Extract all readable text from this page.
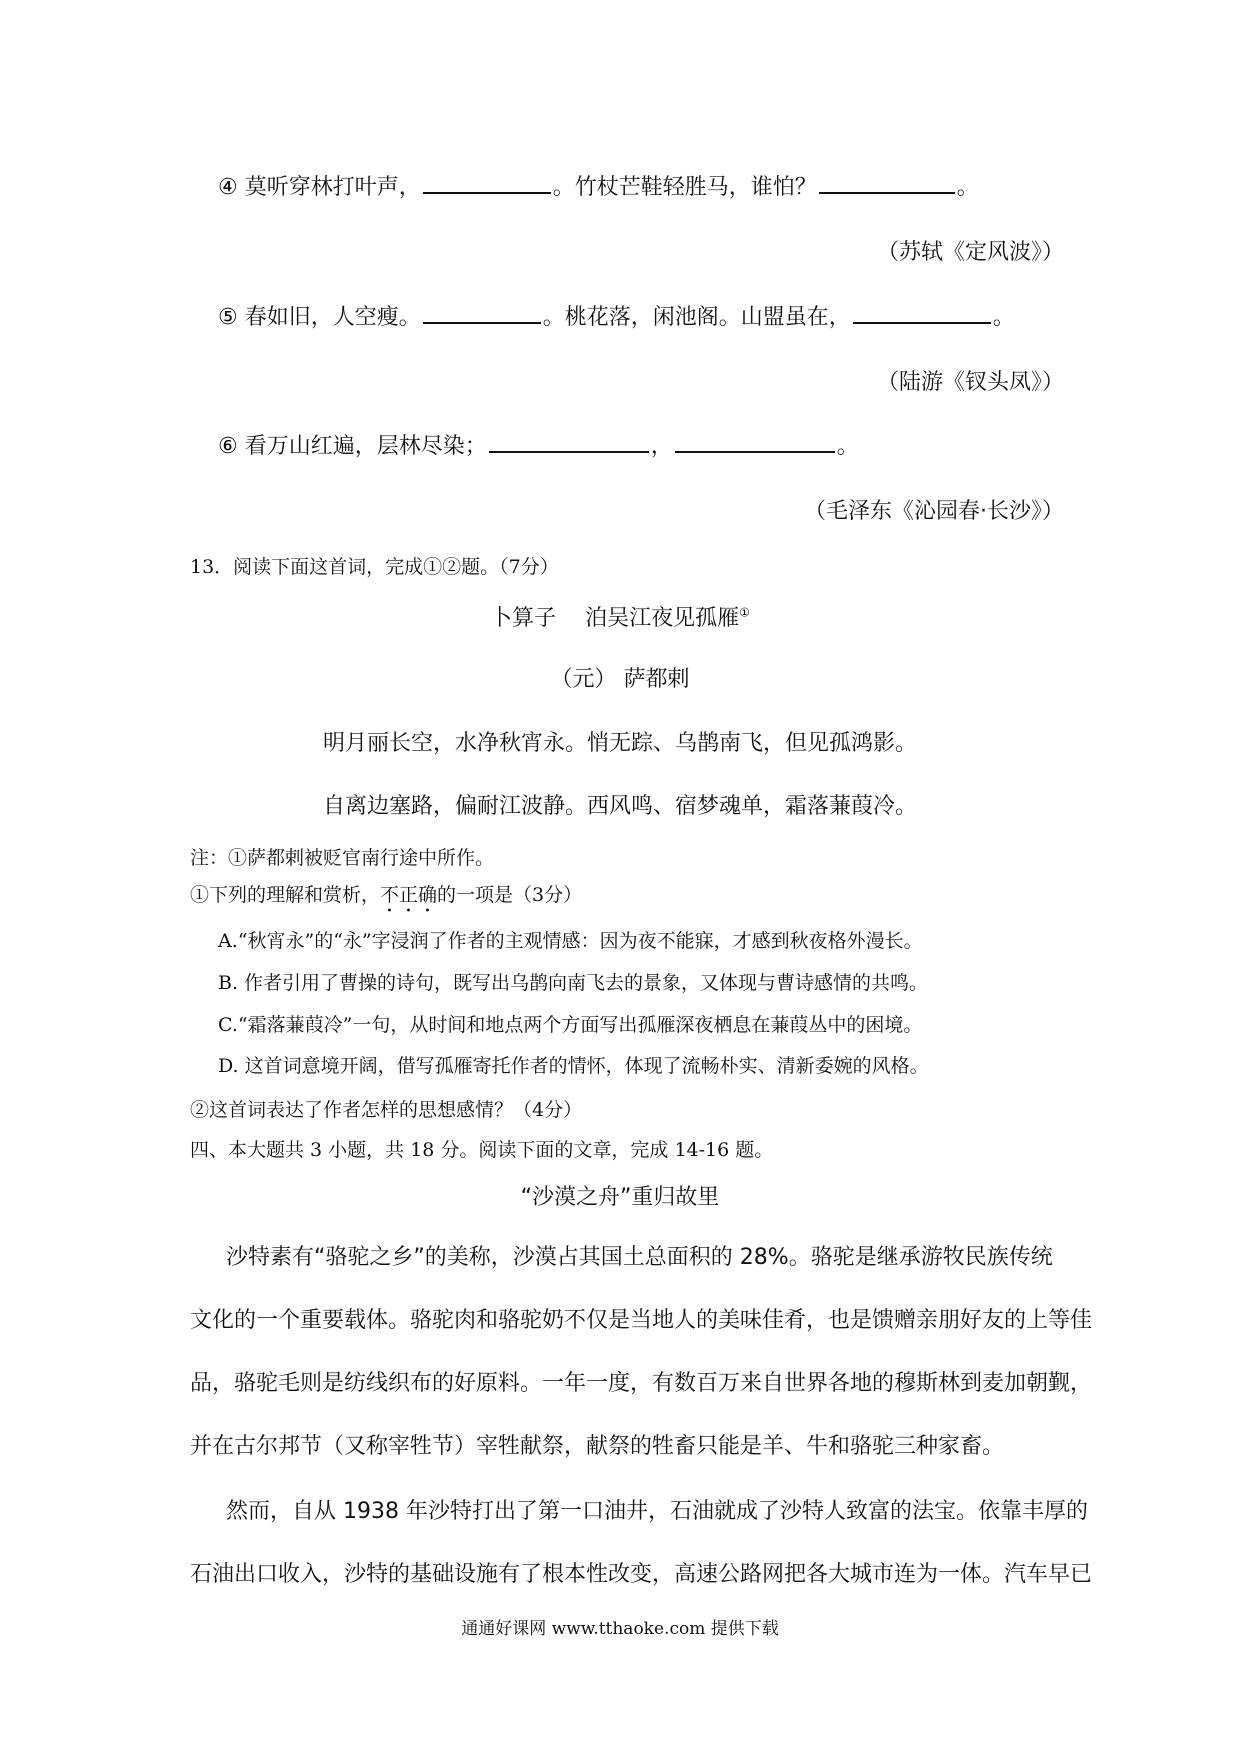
④ 莫听穿林打叶声，	。竹杖芒鞋轻胜马，谁怕？	。
（苏轼《定风波》）
⑤ 春如旧，人空瘦。	。桃花落，闲池阁。山盟虽在，	。
（陆游《钗头凤》）
⑥ 看万山红遍，层林尽染；	，	。
（毛泽东《沁园春·长沙》）
13．阅读下面这首词，完成①②题。（7分）
卜算子　 泊吴江夜见孤雁①
（元） 萨都剌
明月丽长空，水净秋宵永。悄无踪、乌鹊南飞，但见孤鸿影。
自离边塞路，偏耐江波静。西风鸣、宿梦魂单，霜落蒹葭冷。
注：①萨都剌被贬官南行途中所作。
①下列的理解和赏析，不正确的一项是（3分）
A.“秋宵永”的“永”字浸润了作者的主观情感：因为夜不能寐，才感到秋夜格外漫长。
B. 作者引用了曹操的诗句，既写出乌鹊向南飞去的景象，又体现与曹诗感情的共鸣。
C.“霜落蒹葭冷”一句，从时间和地点两个方面写出孤雁深夜栖息在蒹葭丛中的困境。
D. 这首词意境开阔，借写孤雁寄托作者的情怀，体现了流畅朴实、清新委婉的风格。
②这首词表达了作者怎样的思想感情？（4分）
四、本大题共 3 小题，共 18 分。阅读下面的文章，完成 14-16 题。
“沙漠之舟”重归故里
沙特素有“骆驼之乡”的美称，沙漠占其国土总面积的 28%。骆驼是继承游牧民族传统
文化的一个重要载体。骆驼肉和骆驼奶不仅是当地人的美味佳肴，也是馈赠亲朋好友的上等佳
品，骆驼毛则是纺线织布的好原料。一年一度，有数百万来自世界各地的穆斯林到麦加朝觐，
并在古尔邦节（又称宰牲节）宰牲献祭，献祭的牲畜只能是羊、牛和骆驼三种家畜。
然而，自从 1938 年沙特打出了第一口油井，石油就成了沙特人致富的法宝。依靠丰厚的
石油出口收入，沙特的基础设施有了根本性改变，高速公路网把各大城市连为一体。汽车早已
通通好课网 www.tthaoke.com 提供下载
